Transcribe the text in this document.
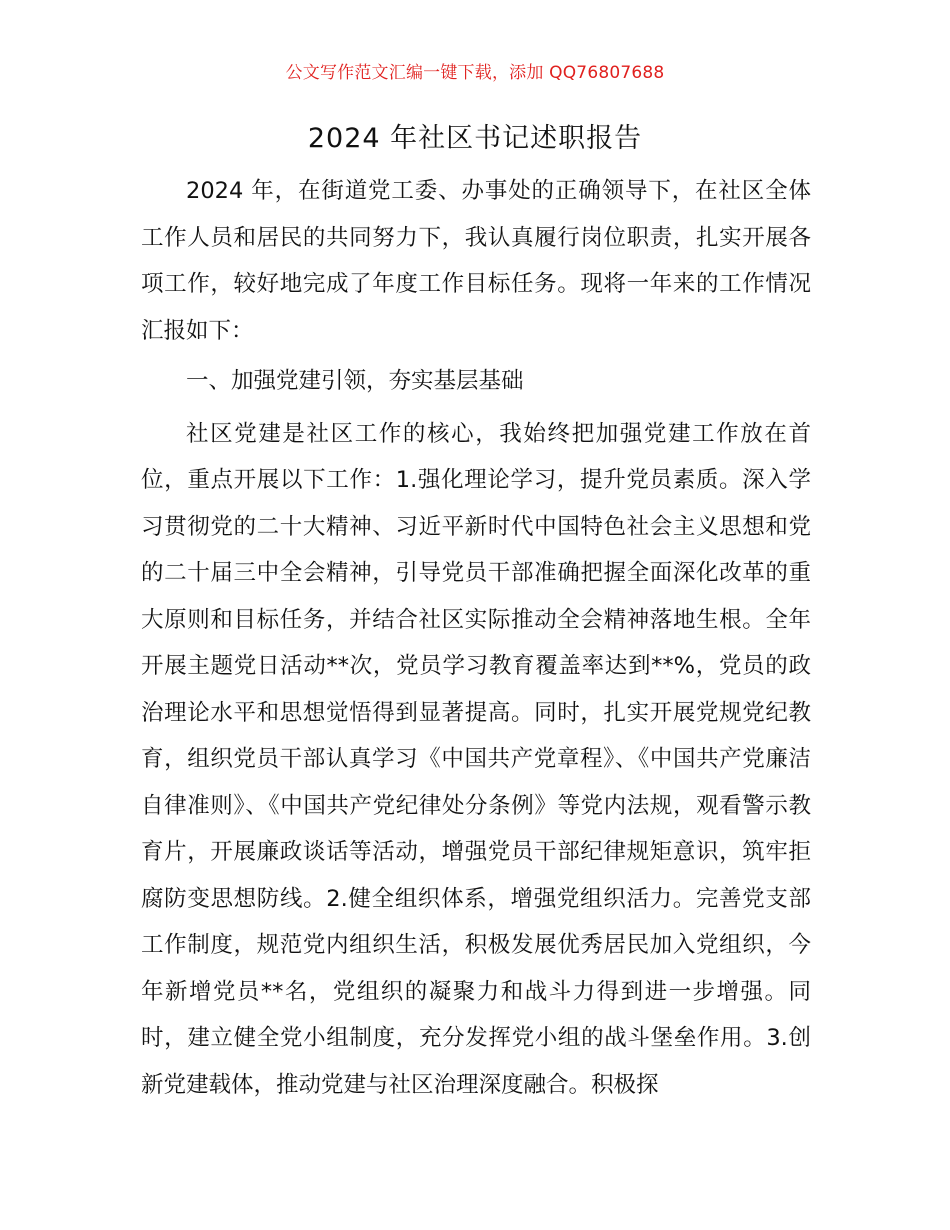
公文写作范文汇编一键下载，添加 QQ76807688
2024 年社区书记述职报告

2024 年，在街道党工委、办事处的正确领导下，在社区全体工作人员和居民的共同努力下，我认真履行岗位职责，扎实开展各项工作，较好地完成了年度工作目标任务。现将一年来的工作情况汇报如下：

一、加强党建引领，夯实基层基础

社区党建是社区工作的核心，我始终把加强党建工作放在首位，重点开展以下工作：1.强化理论学习，提升党员素质。深入学习贯彻党的二十大精神、习近平新时代中国特色社会主义思想和党的二十届三中全会精神，引导党员干部准确把握全面深化改革的重大原则和目标任务，并结合社区实际推动全会精神落地生根。全年开展主题党日活动**次，党员学习教育覆盖率达到**%，党员的政治理论水平和思想觉悟得到显著提高。同时，扎实开展党规党纪教育，组织党员干部认真学习《中国共产党章程》、《中国共产党廉洁自律准则》、《中国共产党纪律处分条例》等党内法规，观看警示教育片，开展廉政谈话等活动，增强党员干部纪律规矩意识，筑牢拒腐防变思想防线。2.健全组织体系，增强党组织活力。完善党支部工作制度，规范党内组织生活，积极发展优秀居民加入党组织，今年新增党员**名，党组织的凝聚力和战斗力得到进一步增强。同时，建立健全党小组制度，充分发挥党小组的战斗堡垒作用。3.创新党建载体，推动党建与社区治理深度融合。积极探
